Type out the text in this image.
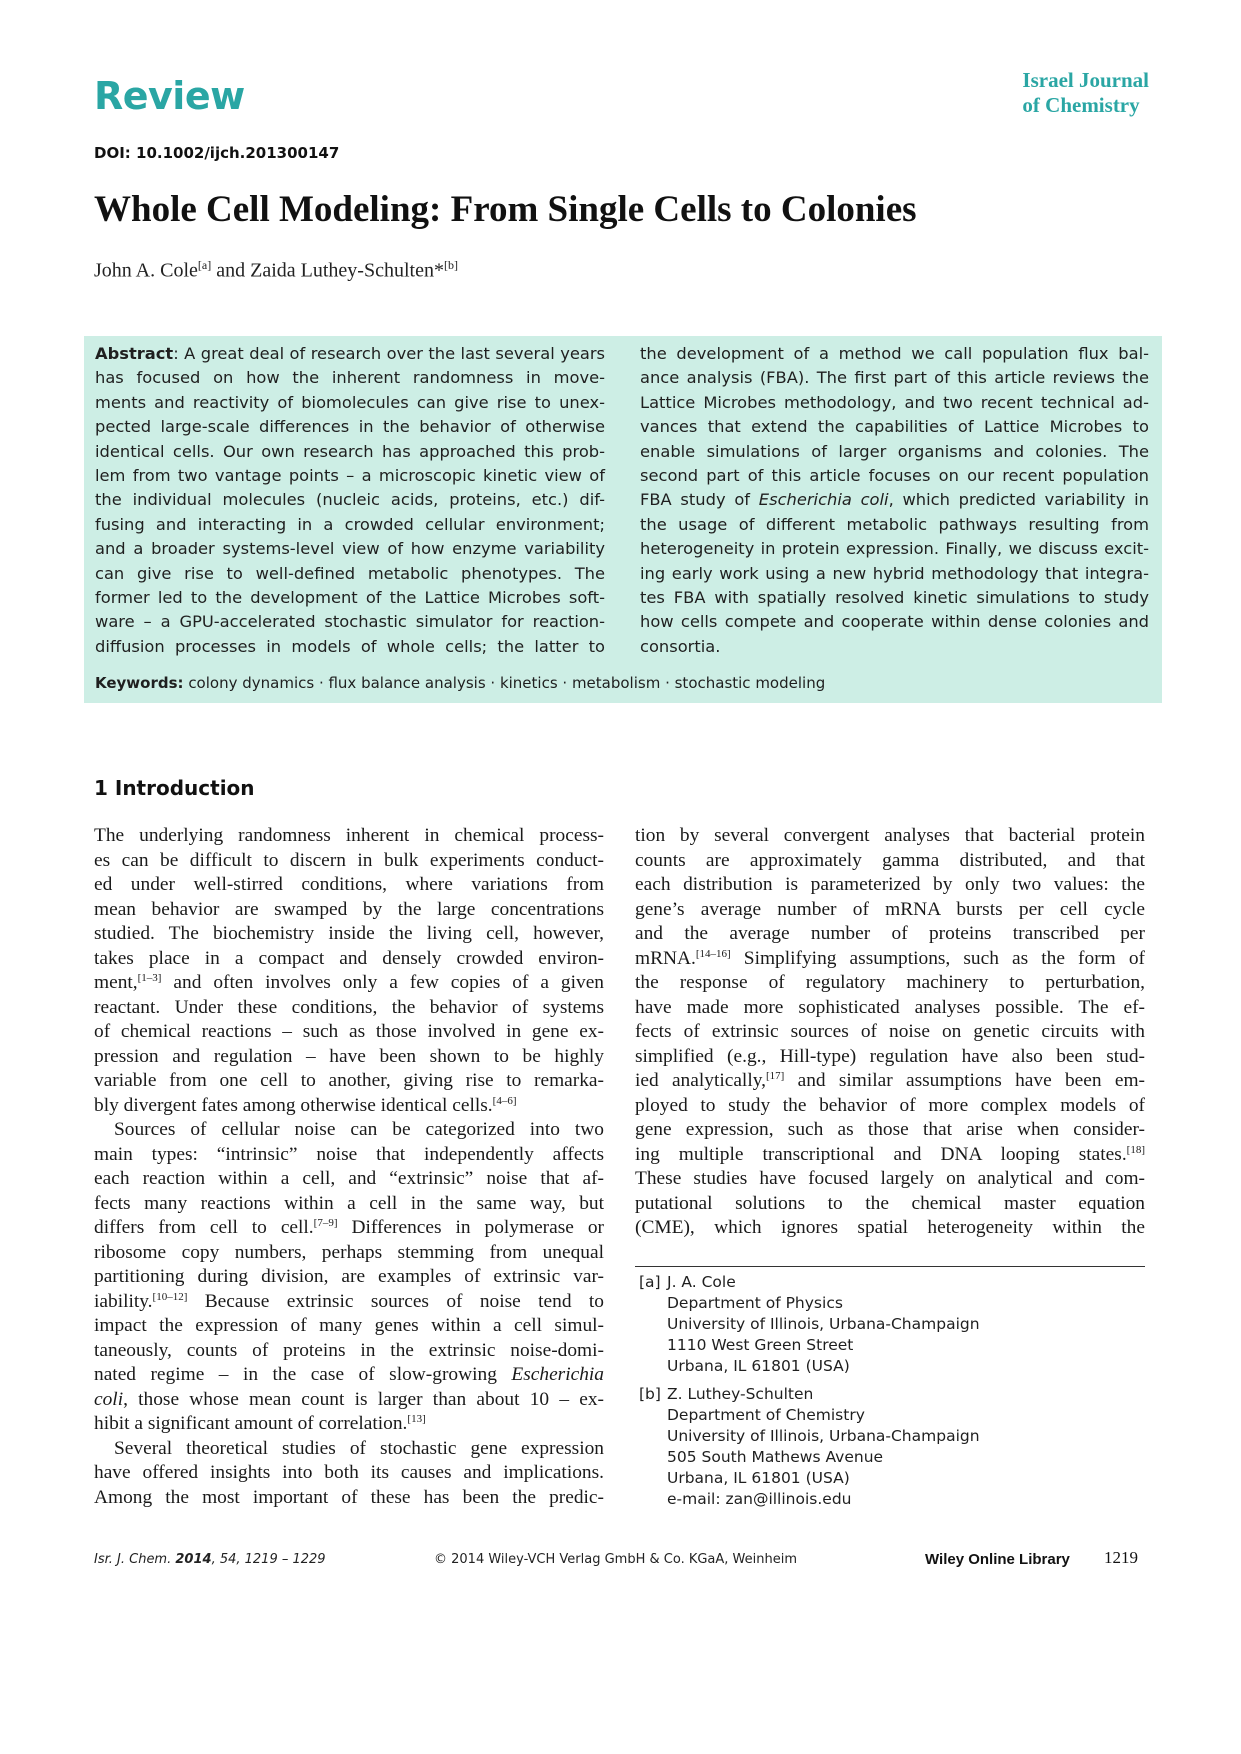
Review	Israel Journal
of Chemistry
DOI: 10.1002/ijch.201300147
Whole Cell Modeling: From Single Cells to Colonies
John A. Cole[a] and Zaida Luthey-Schulten*[b]
Abstract: A great deal of research over the last several years
has focused on how the inherent randomness in move-
ments and reactivity of biomolecules can give rise to unex-
pected large-scale differences in the behavior of otherwise
identical cells. Our own research has approached this prob-
lem from two vantage points – a microscopic kinetic view of
the individual molecules (nucleic acids, proteins, etc.) dif-
fusing and interacting in a crowded cellular environment;
and a broader systems-level view of how enzyme variability
can give rise to well-defined metabolic phenotypes. The
former led to the development of the Lattice Microbes soft-
ware – a GPU-accelerated stochastic simulator for reaction-
diffusion processes in models of whole cells; the latter to
the development of a method we call population flux bal-
ance analysis (FBA). The first part of this article reviews the
Lattice Microbes methodology, and two recent technical ad-
vances that extend the capabilities of Lattice Microbes to
enable simulations of larger organisms and colonies. The
second part of this article focuses on our recent population
FBA study of Escherichia coli, which predicted variability in
the usage of different metabolic pathways resulting from
heterogeneity in protein expression. Finally, we discuss excit-
ing early work using a new hybrid methodology that integra-
tes FBA with spatially resolved kinetic simulations to study
how cells compete and cooperate within dense colonies and
consortia.
Keywords: colony dynamics · flux balance analysis · kinetics · metabolism · stochastic modeling
1 Introduction
The underlying randomness inherent in chemical process-
es can be difficult to discern in bulk experiments conduct-
ed under well-stirred conditions, where variations from
mean behavior are swamped by the large concentrations
studied. The biochemistry inside the living cell, however,
takes place in a compact and densely crowded environ-
ment,[1–3] and often involves only a few copies of a given
reactant. Under these conditions, the behavior of systems
of chemical reactions – such as those involved in gene ex-
pression and regulation – have been shown to be highly
variable from one cell to another, giving rise to remarka-
bly divergent fates among otherwise identical cells.[4–6]
Sources of cellular noise can be categorized into two
main types: “intrinsic” noise that independently affects
each reaction within a cell, and “extrinsic” noise that af-
fects many reactions within a cell in the same way, but
differs from cell to cell.[7–9] Differences in polymerase or
ribosome copy numbers, perhaps stemming from unequal
partitioning during division, are examples of extrinsic var-
iability.[10–12] Because extrinsic sources of noise tend to
impact the expression of many genes within a cell simul-
taneously, counts of proteins in the extrinsic noise-domi-
nated regime – in the case of slow-growing Escherichia
coli, those whose mean count is larger than about 10 – ex-
hibit a significant amount of correlation.[13]
Several theoretical studies of stochastic gene expression
have offered insights into both its causes and implications.
Among the most important of these has been the predic-
tion by several convergent analyses that bacterial protein
counts are approximately gamma distributed, and that
each distribution is parameterized by only two values: the
gene’s average number of mRNA bursts per cell cycle
and the average number of proteins transcribed per
mRNA.[14–16] Simplifying assumptions, such as the form of
the response of regulatory machinery to perturbation,
have made more sophisticated analyses possible. The ef-
fects of extrinsic sources of noise on genetic circuits with
simplified (e.g., Hill-type) regulation have also been stud-
ied analytically,[17] and similar assumptions have been em-
ployed to study the behavior of more complex models of
gene expression, such as those that arise when consider-
ing multiple transcriptional and DNA looping states.[18]
These studies have focused largely on analytical and com-
putational solutions to the chemical master equation
(CME), which ignores spatial heterogeneity within the
[a] J. A. Cole
Department of Physics
University of Illinois, Urbana-Champaign
1110 West Green Street
Urbana, IL 61801 (USA)
[b] Z. Luthey-Schulten
Department of Chemistry
University of Illinois, Urbana-Champaign
505 South Mathews Avenue
Urbana, IL 61801 (USA)
e-mail: zan@illinois.edu
Isr. J. Chem. 2014, 54, 1219 – 1229	© 2014 Wiley-VCH Verlag GmbH & Co. KGaA, Weinheim	Wiley Online Library 1219
